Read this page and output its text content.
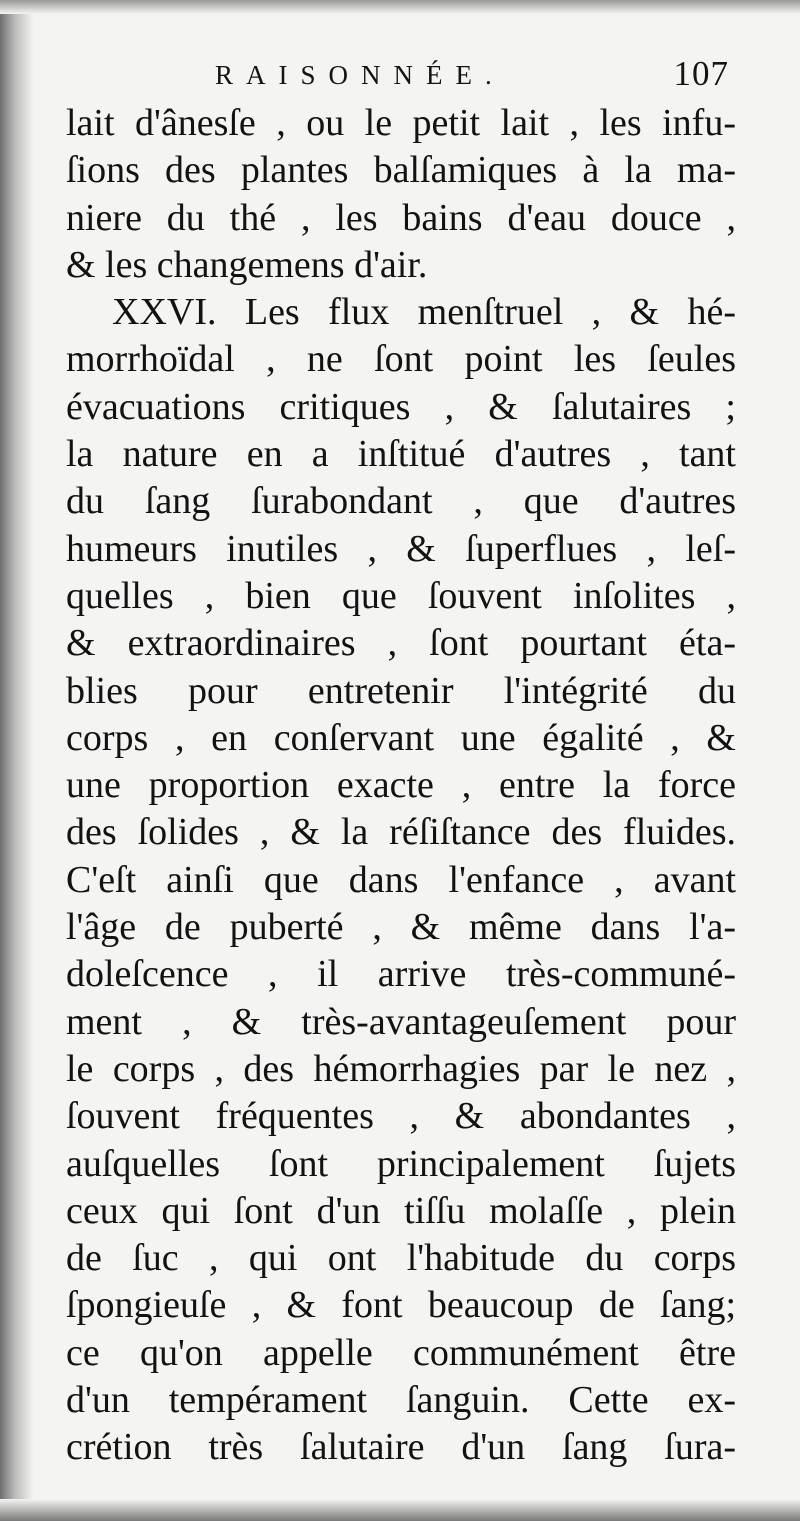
RAISONNÉE.	107
lait d'ânesſe , ou le petit lait , les infu-
ſions des plantes balſamiques à la ma-
niere du thé , les bains d'eau douce ,
& les changemens d'air.
XXVI. Les flux menſtruel , & hé-
morrhoïdal , ne ſont point les ſeules
évacuations critiques , & ſalutaires ;
la nature en a inſtitué d'autres , tant
du ſang ſurabondant , que d'autres
humeurs inutiles , & ſuperflues , leſ-
quelles , bien que ſouvent inſolites ,
& extraordinaires , ſont pourtant éta-
blies pour entretenir l'intégrité du
corps , en conſervant une égalité , &
une proportion exacte , entre la force
des ſolides , & la réſiſtance des fluides.
C'eſt ainſi que dans l'enfance , avant
l'âge de puberté , & même dans l'a-
doleſcence , il arrive très-communé-
ment , & très-avantageuſement pour
le corps , des hémorrhagies par le nez ,
ſouvent fréquentes , & abondantes ,
auſquelles ſont principalement ſujets
ceux qui ſont d'un tiſſu molaſſe , plein
de ſuc , qui ont l'habitude du corps
ſpongieuſe , & font beaucoup de ſang;
ce qu'on appelle communément être
d'un tempérament ſanguin. Cette ex-
crétion très ſalutaire d'un ſang ſura-
